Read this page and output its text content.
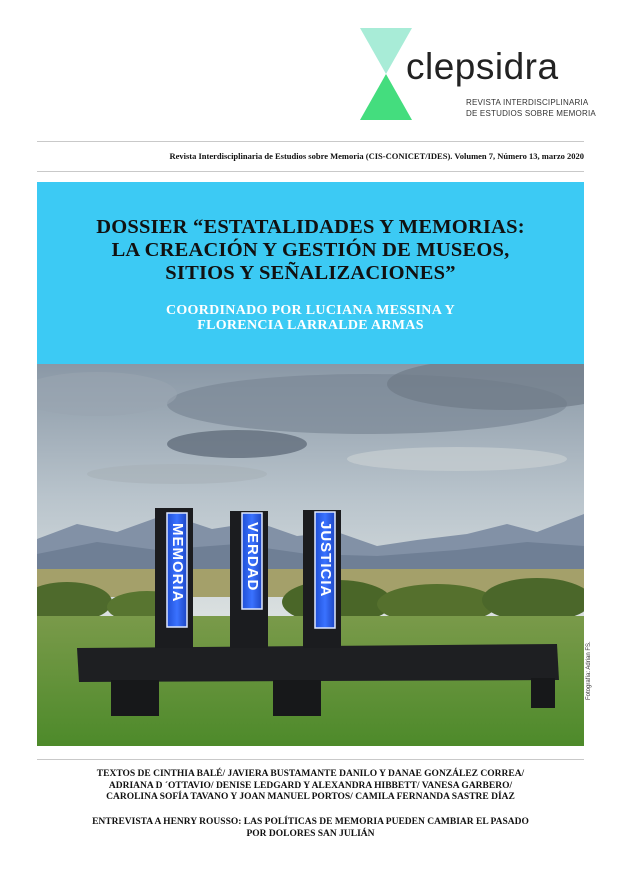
clepsidra
REVISTA INTERDISCIPLINARIA
DE ESTUDIOS SOBRE MEMORIA
Revista Interdisciplinaria de Estudios sobre Memoria (CIS-CONICET/IDES). Volumen 7, Número 13, marzo 2020
DOSSIER “ESTATALIDADES Y MEMORIAS:
LA CREACIÓN Y GESTIÓN DE MUSEOS,
SITIOS Y SEÑALIZACIONES”
COORDINADO POR LUCIANA MESSINA Y
FLORENCIA LARRALDE ARMAS
MEMORIA	VERDAD	JUSTICIA
Fotografía: Adrian FS.
TEXTOS DE CINTHIA BALÉ/ JAVIERA BUSTAMANTE DANILO Y DANAE GONZÁLEZ CORREA/
ADRIANA D ´OTTAVIO/ DENISE LEDGARD Y ALEXANDRA HIBBETT/ VANESA GARBERO/
CAROLINA SOFÍA TAVANO Y JOAN MANUEL PORTOS/ CAMILA FERNANDA SASTRE DÍAZ
ENTREVISTA A HENRY ROUSSO: LAS POLÍTICAS DE MEMORIA PUEDEN CAMBIAR EL PASADO
POR DOLORES SAN JULIÁN
